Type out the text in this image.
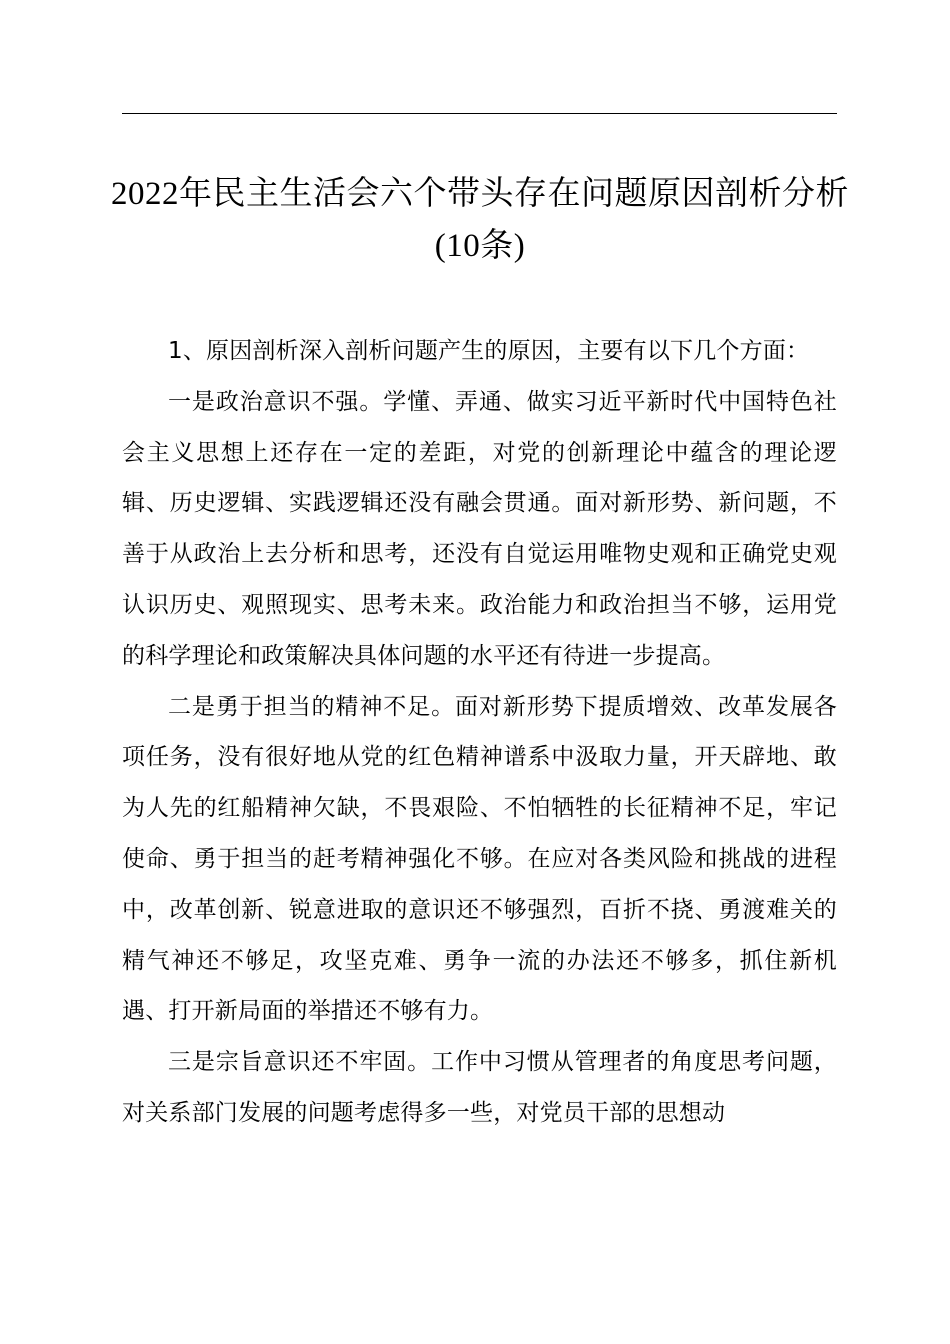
2022年民主生活会六个带头存在问题原因剖析分析(10条)

1、原因剖析深入剖析问题产生的原因，主要有以下几个方面：

一是政治意识不强。学懂、弄通、做实习近平新时代中国特色社会主义思想上还存在一定的差距，对党的创新理论中蕴含的理论逻辑、历史逻辑、实践逻辑还没有融会贯通。面对新形势、新问题，不善于从政治上去分析和思考，还没有自觉运用唯物史观和正确党史观认识历史、观照现实、思考未来。政治能力和政治担当不够，运用党的科学理论和政策解决具体问题的水平还有待进一步提高。

二是勇于担当的精神不足。面对新形势下提质增效、改革发展各项任务，没有很好地从党的红色精神谱系中汲取力量，开天辟地、敢为人先的红船精神欠缺，不畏艰险、不怕牺牲的长征精神不足，牢记使命、勇于担当的赶考精神强化不够。在应对各类风险和挑战的进程中，改革创新、锐意进取的意识还不够强烈，百折不挠、勇渡难关的精气神还不够足，攻坚克难、勇争一流的办法还不够多，抓住新机遇、打开新局面的举措还不够有力。

三是宗旨意识还不牢固。工作中习惯从管理者的角度思考问题，对关系部门发展的问题考虑得多一些，对党员干部的思想动
